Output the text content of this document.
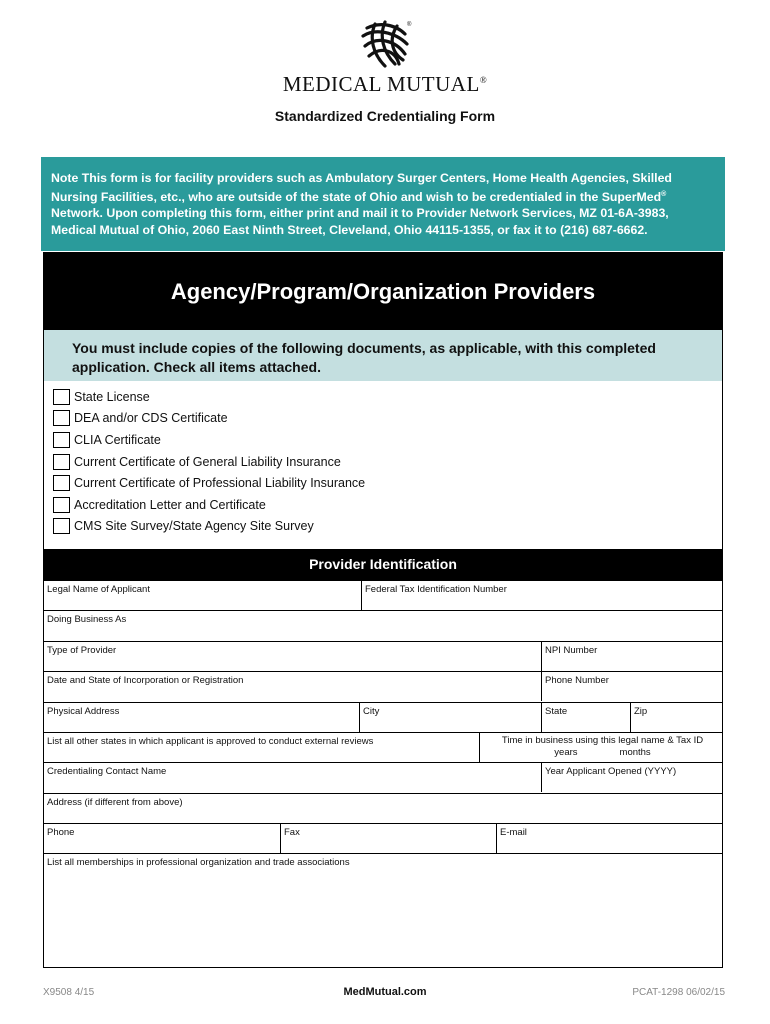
®
MEDICAL MUTUAL®
Standardized Credentialing Form
Note This form is for facility providers such as Ambulatory Surger Centers, Home Health Agencies, Skilled
Nursing Facilities, etc., who are outside of the state of Ohio and wish to be credentialed in the SuperMed®
Network. Upon completing this form, either print and mail it to Provider Network Services, MZ 01-6A-3983,
Medical Mutual of Ohio, 2060 East Ninth Street, Cleveland, Ohio 44115-1355, or fax it to (216) 687-6662.
Agency/Program/Organization Providers
You must include copies of the following documents, as applicable, with this completed
application. Check all items attached.
State License
DEA and/or CDS Certificate
CLIA Certificate
Current Certificate of General Liability Insurance
Current Certificate of Professional Liability Insurance
Accreditation Letter and Certificate
CMS Site Survey/State Agency Site Survey
Provider Identification
Legal Name of Applicant	Federal Tax Identification Number
Doing Business As
Type of Provider	NPI Number
Date and State of Incorporation or Registration	Phone Number
Physical Address	City	State	Zip
List all other states in which applicant is approved to conduct external reviews	Time in business using this legal name & Tax ID
years	months
Credentialing Contact Name	Year Applicant Opened (YYYY)
Address (if different from above)
Phone	Fax	E-mail
List all memberships in professional organization and trade associations
X9508 4/15	MedMutual.com	PCAT-1298 06/02/15
